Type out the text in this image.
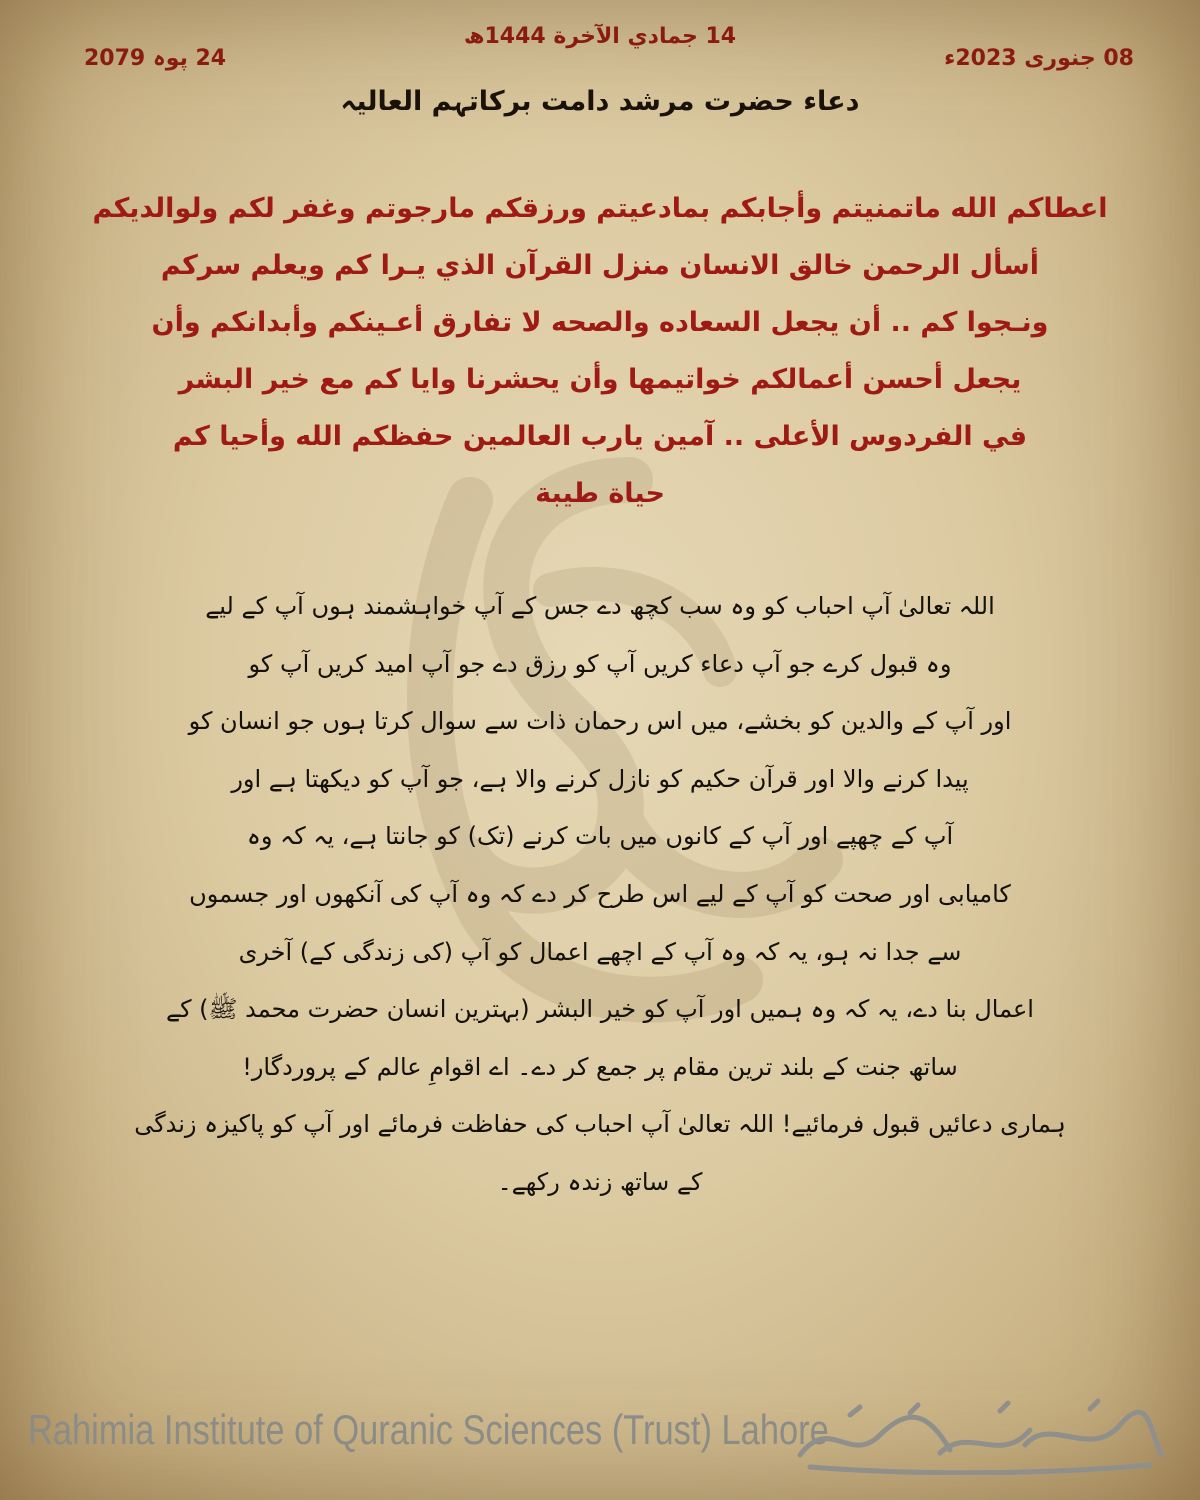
08 جنوری 2023ء
14 جمادي الآخرة 1444ھ
24 پوہ 2079
دعاء حضرت مرشد دامت برکاتہم العالیہ
اعطاكم الله ماتمنيتم وأجابكم بمادعيتم ورزقكم مارجوتم وغفر لكم ولوالديكم
أسأل الرحمن خالق الانسان منزل القرآن الذي يـرا كم ويعلم سركم
ونـجوا كم .. أن يجعل السعاده والصحه لا تفارق أعـينكم وأبدانكم وأن
يجعل أحسن أعمالكم خواتيمها وأن يحشرنا وايا كم مع خير البشر
في الفردوس الأعلى .. آمين يارب العالمين حفظكم الله وأحيا كم
حياة طيبة
اللہ تعالیٰ آپ احباب کو وہ سب کچھ دے جس کے آپ خواہشمند ہوں آپ کے لیے
وہ قبول کرے جو آپ دعاء کریں آپ کو رزق دے جو آپ امید کریں آپ کو
اور آپ کے والدین کو بخشے، میں اس رحمان ذات سے سوال کرتا ہوں جو انسان کو
پیدا کرنے والا اور قرآن حکیم کو نازل کرنے والا ہے، جو آپ کو دیکھتا ہے اور
آپ کے چھپے اور آپ کے کانوں میں بات کرنے (تک) کو جانتا ہے، یہ کہ وہ
کامیابی اور صحت کو آپ کے لیے اس طرح کر دے کہ وہ آپ کی آنکھوں اور جسموں
سے جدا نہ ہو، یہ کہ وہ آپ کے اچھے اعمال کو آپ (کی زندگی کے) آخری
اعمال بنا دے، یہ کہ وہ ہمیں اور آپ کو خیر البشر (بہترین انسان حضرت محمد ﷺ) کے
ساتھ جنت کے بلند ترین مقام پر جمع کر دے۔ اے اقوامِ عالم کے پروردگار!
ہماری دعائیں قبول فرمائیے! اللہ تعالیٰ آپ احباب کی حفاظت فرمائے اور آپ کو پاکیزہ زندگی
کے ساتھ زندہ رکھے۔
Rahimia Institute of Quranic Sciences (Trust) Lahore
